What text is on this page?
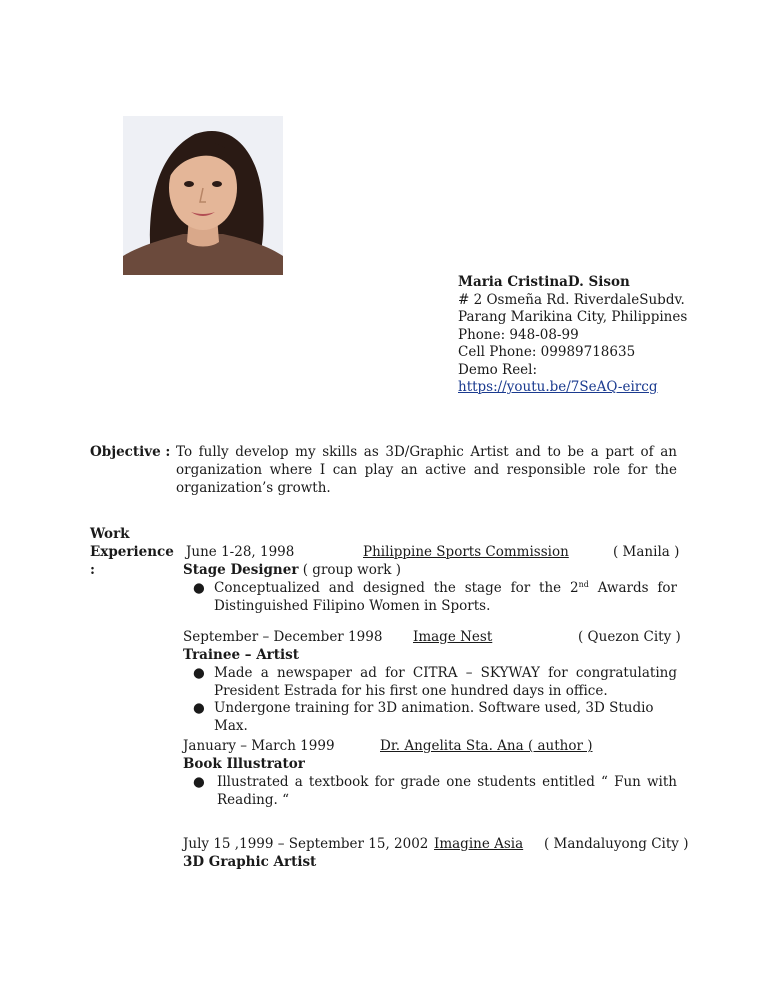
Maria CristinaD. Sison
# 2 Osmeña Rd. RiverdaleSubdv.
Parang Marikina City, Philippines
Phone: 948-08-99
Cell Phone: 09989718635
Demo Reel:
https://youtu.be/7SeAQ-eircg
Objective : To fully develop my skills as 3D/Graphic Artist and to be a part of an organization where I can play an active and responsible role for the organization’s growth.
Work
Experience :
June 1-28, 1998	Philippine Sports Commission	( Manila )
Stage Designer ( group work )
● Conceptualized and designed the stage for the 2nd Awards for Distinguished Filipino Women in Sports.
September – December 1998 Image Nest	( Quezon City )
Trainee – Artist
● Made a newspaper ad for CITRA – SKYWAY for congratulating President Estrada for his first one hundred days in office.
● Undergone training for 3D animation. Software used, 3D Studio Max.
January – March 1999	Dr. Angelita Sta. Ana ( author )
Book Illustrator
● Illustrated a textbook for grade one students entitled “ Fun with Reading. “
July 15 ,1999 – September 15, 2002 Imagine Asia ( Mandaluyong City )
3D Graphic Artist
